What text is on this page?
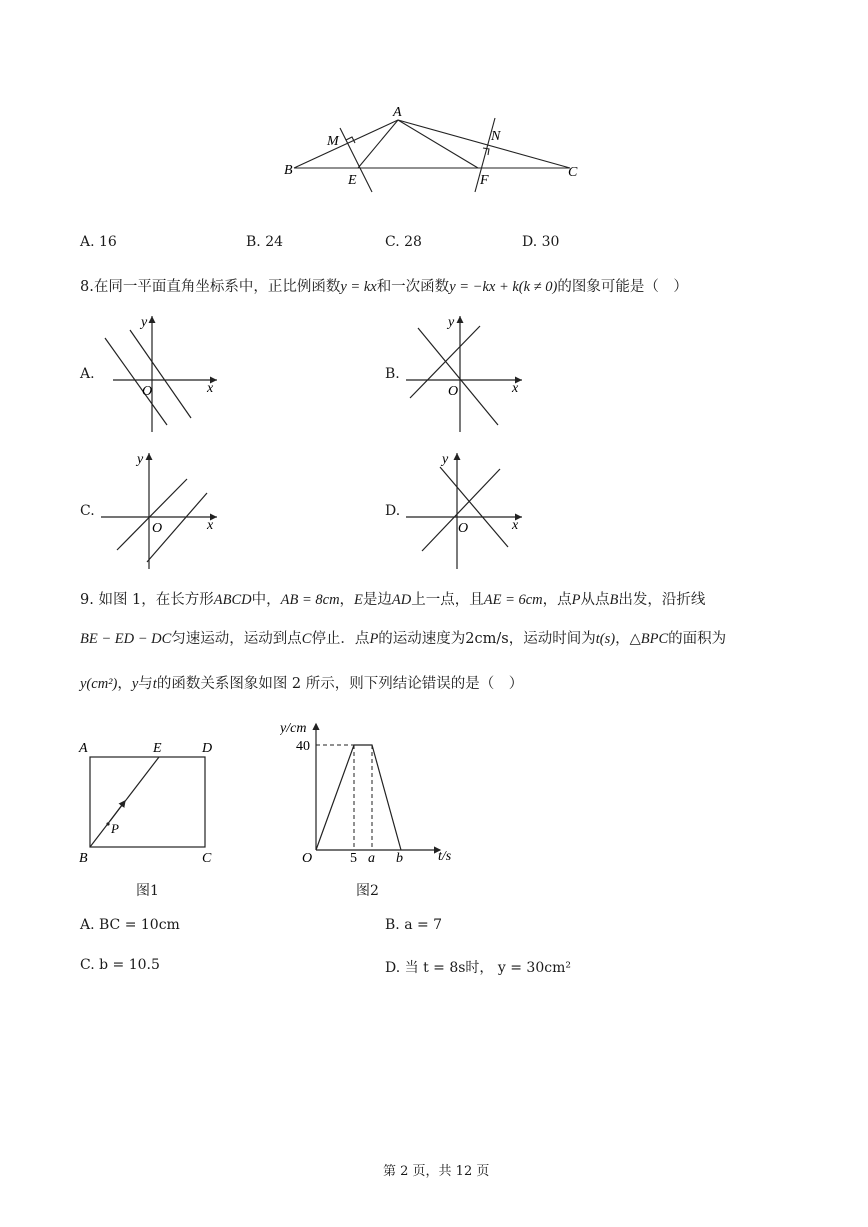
A
B	C
M	N
E	F
A. 16	B. 24	C. 28	D. 30
8.在同一平面直角坐标系中，正比例函数y = kx和一次函数y = −kx + k(k ≠ 0)的图象可能是（　）
A.
O	x
y
B.
O	x
y
C.
O	x
y
D.
O	x
y
9. 如图 1，在长方形ABCD中，AB = 8cm，E是边AD上一点，且AE = 6cm，点P从点B出发，沿折线
BE − ED − DC匀速运动，运动到点C停止．点P的运动速度为2cm/s，运动时间为t(s)，△BPC的面积为
y(cm²)，y与t的函数关系图象如图 2 所示，则下列结论错误的是（　）
A	E	D
B	C
P
图1
y/cm
40
O	5 a b	t/s
图2
A. BC = 10cm	B. a = 7
C. b = 10.5	D. 当 t = 8s时， y = 30cm²
第 2 页，共 12 页
